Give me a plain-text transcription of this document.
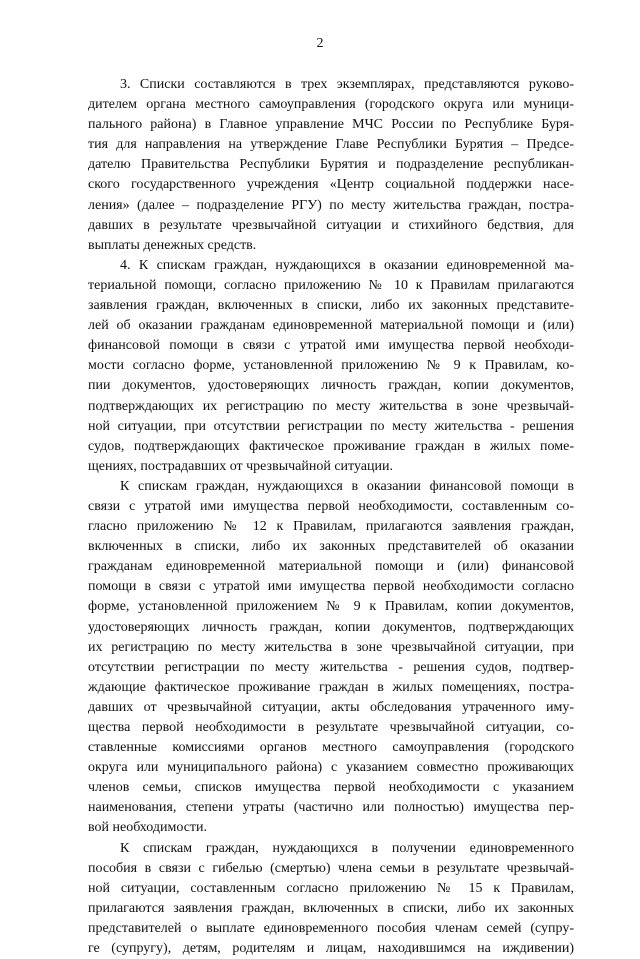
2

3. Списки составляются в трех экземплярах, представляются руково-
дителем органа местного самоуправления (городского округа или муници-
пального района) в Главное управление МЧС России по Республике Буря-
тия для направления на утверждение Главе Республики Бурятия – Предсе-
дателю Правительства Республики Бурятия и подразделение республикан-
ского государственного учреждения «Центр социальной поддержки насе-
ления» (далее – подразделение РГУ) по месту жительства граждан, постра-
давших в результате чрезвычайной ситуации и стихийного бедствия, для
выплаты денежных средств.

4. К спискам граждан, нуждающихся в оказании единовременной ма-
териальной помощи, согласно приложению № 10 к Правилам прилагаются
заявления граждан, включенных в списки, либо их законных представите-
лей об оказании гражданам единовременной материальной помощи и (или)
финансовой помощи в связи с утратой ими имущества первой необходи-
мости согласно форме, установленной приложению № 9 к Правилам, ко-
пии документов, удостоверяющих личность граждан, копии документов,
подтверждающих их регистрацию по месту жительства в зоне чрезвычай-
ной ситуации, при отсутствии регистрации по месту жительства - решения
судов, подтверждающих фактическое проживание граждан в жилых поме-
щениях, пострадавших от чрезвычайной ситуации.

К спискам граждан, нуждающихся в оказании финансовой помощи в
связи с утратой ими имущества первой необходимости, составленным со-
гласно приложению № 12 к Правилам, прилагаются заявления граждан,
включенных в списки, либо их законных представителей об оказании
гражданам единовременной материальной помощи и (или) финансовой
помощи в связи с утратой ими имущества первой необходимости согласно
форме, установленной приложением № 9 к Правилам, копии документов,
удостоверяющих личность граждан, копии документов, подтверждающих
их регистрацию по месту жительства в зоне чрезвычайной ситуации, при
отсутствии регистрации по месту жительства - решения судов, подтвер-
ждающие фактическое проживание граждан в жилых помещениях, постра-
давших от чрезвычайной ситуации, акты обследования утраченного иму-
щества первой необходимости в результате чрезвычайной ситуации, со-
ставленные комиссиями органов местного самоуправления (городского
округа или муниципального района) с указанием совместно проживающих
членов семьи, списков имущества первой необходимости с указанием
наименования, степени утраты (частично или полностью) имущества пер-
вой необходимости.

К спискам граждан, нуждающихся в получении единовременного
пособия в связи с гибелью (смертью) члена семьи в результате чрезвычай-
ной ситуации, составленным согласно приложению № 15 к Правилам,
прилагаются заявления граждан, включенных в списки, либо их законных
представителей о выплате единовременного пособия членам семей (супру-
ге (супругу), детям, родителям и лицам, находившимся на иждивении)
